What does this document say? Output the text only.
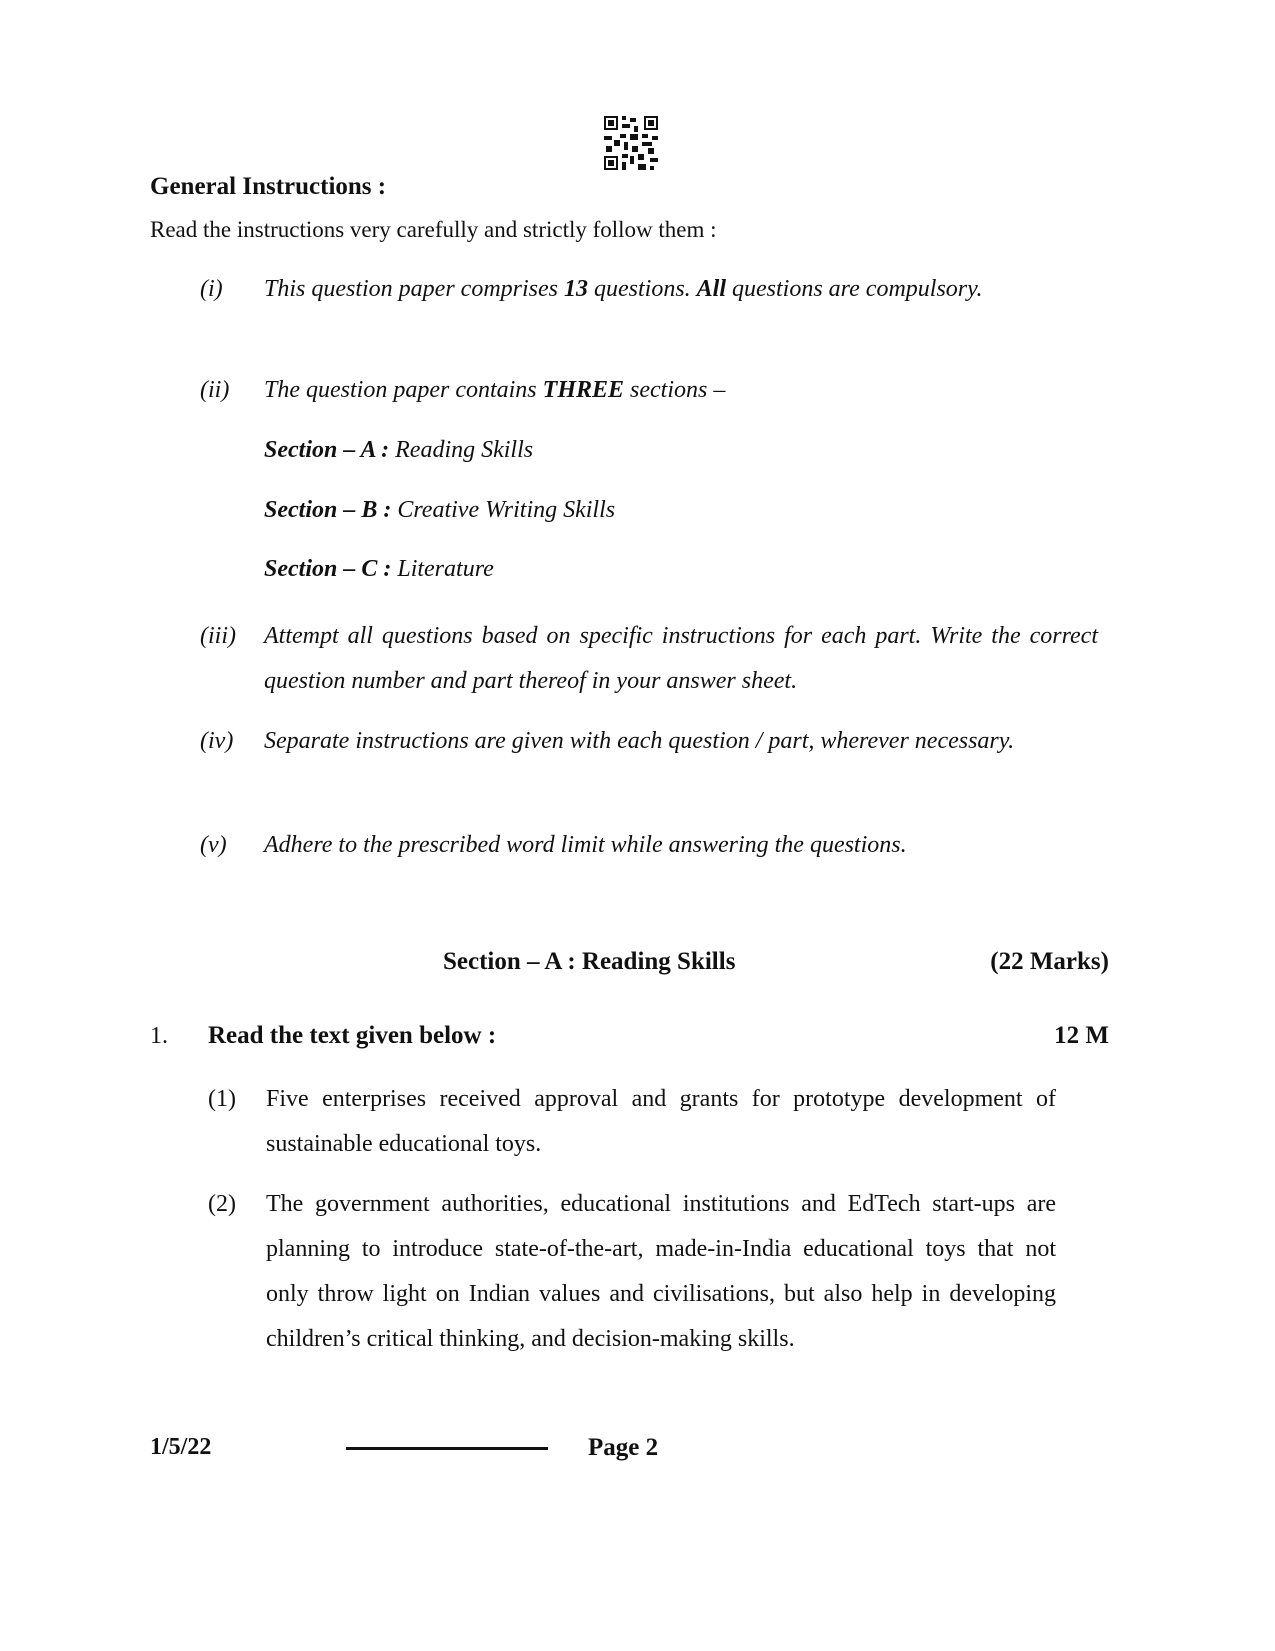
General Instructions :
Read the instructions very carefully and strictly follow them :
(i) This question paper comprises 13 questions. All questions are compulsory.
(ii) The question paper contains THREE sections –
Section – A : Reading Skills
Section – B : Creative Writing Skills
Section – C : Literature
(iii) Attempt all questions based on specific instructions for each part. Write the correct question number and part thereof in your answer sheet.
(iv) Separate instructions are given with each question / part, wherever necessary.
(v) Adhere to the prescribed word limit while answering the questions.
Section – A : Reading Skills	(22 Marks)
1. Read the text given below :	12 M
(1) Five enterprises received approval and grants for prototype development of sustainable educational toys.
(2) The government authorities, educational institutions and EdTech start-ups are planning to introduce state-of-the-art, made-in-India educational toys that not only throw light on Indian values and civilisations, but also help in developing children’s critical thinking, and decision-making skills.
1/5/22	Page 2
